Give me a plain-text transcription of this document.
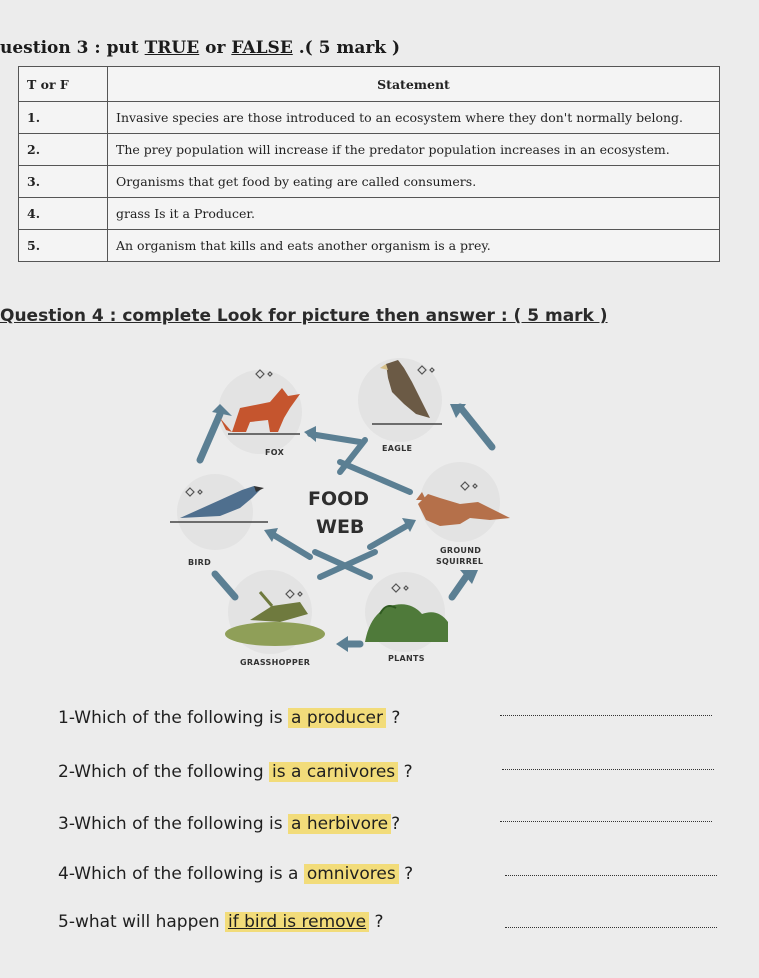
uestion 3 : put TRUE or FALSE .( 5 mark )
T or F	Statement
1.	Invasive species are those introduced to an ecosystem where they don't normally belong.
2.	The prey population will increase if the predator population increases in an ecosystem.
3.	Organisms that get food by eating are called consumers.
4.	grass Is it a Producer.
5.	An organism that kills and eats another organism is a prey.
Question 4 : complete Look for picture then answer : ( 5 mark )
FOOD
WEB
FOX	EAGLE
BIRD
GROUND
SQUIRREL
GRASSHOPPER	PLANTS
1-Which of the following is a producer ?
2-Which of the following is a carnivores ?
3-Which of the following is a herbivore ?
4-Which of the following is a omnivores ?
5-what will happen if bird is remove ?
